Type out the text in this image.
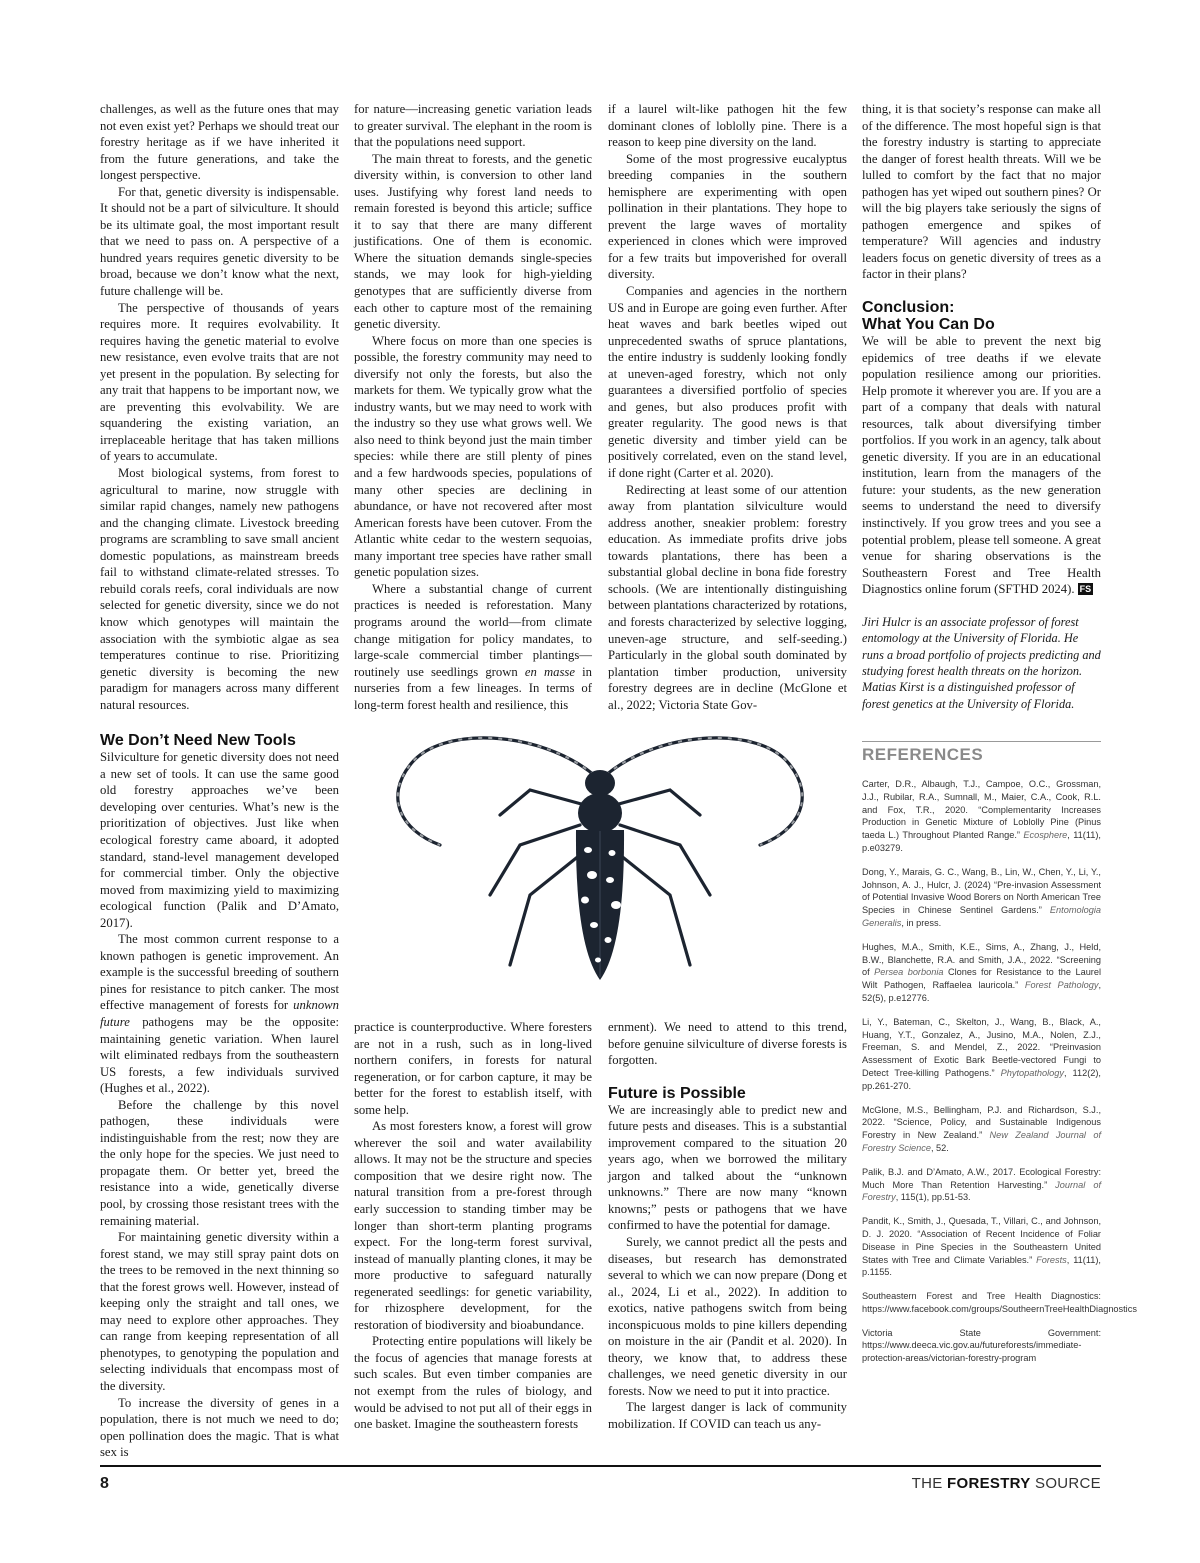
challenges, as well as the future ones that may not even exist yet? Perhaps we should treat our forestry heritage as if we have inherited it from the future generations, and take the longest perspective.

For that, genetic diversity is indispensable. It should not be a part of silviculture. It should be its ultimate goal, the most important result that we need to pass on. A perspective of a hundred years requires genetic diversity to be broad, because we don’t know what the next, future challenge will be.

The perspective of thousands of years requires more. It requires evolvability. It requires having the genetic material to evolve new resistance, even evolve traits that are not yet present in the population. By selecting for any trait that happens to be important now, we are preventing this evolvability. We are squandering the existing variation, an irreplaceable heritage that has taken millions of years to accumulate.

Most biological systems, from forest to agricultural to marine, now struggle with similar rapid changes, namely new pathogens and the changing climate. Livestock breeding programs are scrambling to save small ancient domestic populations, as mainstream breeds fail to withstand climate-related stresses. To rebuild corals reefs, coral individuals are now selected for genetic diversity, since we do not know which genotypes will maintain the association with the symbiotic algae as sea temperatures continue to rise. Prioritizing genetic diversity is becoming the new paradigm for managers across many different natural resources.

We Don’t Need New Tools

Silviculture for genetic diversity does not need a new set of tools. It can use the same good old forestry approaches we’ve been developing over centuries. What’s new is the prioritization of objectives. Just like when ecological forestry came aboard, it adopted standard, stand-level management developed for commercial timber. Only the objective moved from maximizing yield to maximizing ecological function (Palik and D’Amato, 2017).

The most common current response to a known pathogen is genetic improvement. An example is the successful breeding of southern pines for resistance to pitch canker. The most effective management of forests for unknown future pathogens may be the opposite: maintaining genetic variation. When laurel wilt eliminated redbays from the southeastern US forests, a few individuals survived (Hughes et al., 2022).

Before the challenge by this novel pathogen, these individuals were indistinguishable from the rest; now they are the only hope for the species. We just need to propagate them. Or better yet, breed the resistance into a wide, genetically diverse pool, by crossing those resistant trees with the remaining material.

For maintaining genetic diversity within a forest stand, we may still spray paint dots on the trees to be removed in the next thinning so that the forest grows well. However, instead of keeping only the straight and tall ones, we may need to explore other approaches. They can range from keeping representation of all phenotypes, to genotyping the population and selecting individuals that encompass most of the diversity.

To increase the diversity of genes in a population, there is not much we need to do; open pollination does the magic. That is what sex is

for nature—increasing genetic variation leads to greater survival. The elephant in the room is that the populations need support.

The main threat to forests, and the genetic diversity within, is conversion to other land uses. Justifying why forest land needs to remain forested is beyond this article; suffice it to say that there are many different justifications. One of them is economic. Where the situation demands single-species stands, we may look for high-yielding genotypes that are sufficiently diverse from each other to capture most of the remaining genetic diversity.

Where focus on more than one species is possible, the forestry community may need to diversify not only the forests, but also the markets for them. We typically grow what the industry wants, but we may need to work with the industry so they use what grows well. We also need to think beyond just the main timber species: while there are still plenty of pines and a few hardwoods species, populations of many other species are declining in abundance, or have not recovered after most American forests have been cutover. From the Atlantic white cedar to the western sequoias, many important tree species have rather small genetic population sizes.

Where a substantial change of current practices is needed is reforestation. Many programs around the world—from climate change mitigation for policy mandates, to large-scale commercial timber plantings—routinely use seedlings grown en masse in nurseries from a few lineages. In terms of long-term forest health and resilience, this

practice is counterproductive. Where foresters are not in a rush, such as in long-lived northern conifers, in forests for natural regeneration, or for carbon capture, it may be better for the forest to establish itself, with some help.

As most foresters know, a forest will grow wherever the soil and water availability allows. It may not be the structure and species composition that we desire right now. The natural transition from a pre-forest through early succession to standing timber may be longer than short-term planting programs expect. For the long-term forest survival, instead of manually planting clones, it may be more productive to safeguard naturally regenerated seedlings: for genetic variability, for rhizosphere development, for the restoration of biodiversity and bioabundance.

Protecting entire populations will likely be the focus of agencies that manage forests at such scales. But even timber companies are not exempt from the rules of biology, and would be advised to not put all of their eggs in one basket. Imagine the southeastern forests

if a laurel wilt-like pathogen hit the few dominant clones of loblolly pine. There is a reason to keep pine diversity on the land.

Some of the most progressive eucalyptus breeding companies in the southern hemisphere are experimenting with open pollination in their plantations. They hope to prevent the large waves of mortality experienced in clones which were improved for a few traits but impoverished for overall diversity.

Companies and agencies in the northern US and in Europe are going even further. After heat waves and bark beetles wiped out unprecedented swaths of spruce plantations, the entire industry is suddenly looking fondly at uneven-aged forestry, which not only guarantees a diversified portfolio of species and genes, but also produces profit with greater regularity. The good news is that genetic diversity and timber yield can be positively correlated, even on the stand level, if done right (Carter et al. 2020).

Redirecting at least some of our attention away from plantation silviculture would address another, sneakier problem: forestry education. As immediate profits drive jobs towards plantations, there has been a substantial global decline in bona fide forestry schools. (We are intentionally distinguishing between plantations characterized by rotations, and forests characterized by selective logging, uneven-age structure, and self-seeding.) Particularly in the global south dominated by plantation timber production, university forestry degrees are in decline (McGlone et al., 2022; Victoria State Gov-

ernment). We need to attend to this trend, before genuine silviculture of diverse forests is forgotten.

Future is Possible

We are increasingly able to predict new and future pests and diseases. This is a substantial improvement compared to the situation 20 years ago, when we borrowed the military jargon and talked about the “unknown unknowns.” There are now many “known knowns;” pests or pathogens that we have confirmed to have the potential for damage.

Surely, we cannot predict all the pests and diseases, but research has demonstrated several to which we can now prepare (Dong et al., 2024, Li et al., 2022). In addition to exotics, native pathogens switch from being inconspicuous molds to pine killers depending on moisture in the air (Pandit et al. 2020). In theory, we know that, to address these challenges, we need genetic diversity in our forests. Now we need to put it into practice.

The largest danger is lack of community mobilization. If COVID can teach us any-

thing, it is that society’s response can make all of the difference. The most hopeful sign is that the forestry industry is starting to appreciate the danger of forest health threats. Will we be lulled to comfort by the fact that no major pathogen has yet wiped out southern pines? Or will the big players take seriously the signs of pathogen emergence and spikes of temperature? Will agencies and industry leaders focus on genetic diversity of trees as a factor in their plans?

Conclusion:
What You Can Do

We will be able to prevent the next big epidemics of tree deaths if we elevate population resilience among our priorities. Help promote it wherever you are. If you are a part of a company that deals with natural resources, talk about diversifying timber portfolios. If you work in an agency, talk about genetic diversity. If you are in an educational institution, learn from the managers of the future: your students, as the new generation seems to understand the need to diversify instinctively. If you grow trees and you see a potential problem, please tell someone. A great venue for sharing observations is the Southeastern Forest and Tree Health Diagnostics online forum (SFTHD 2024). FS

Jiri Hulcr is an associate professor of forest entomology at the University of Florida. He runs a broad portfolio of projects predicting and studying forest health threats on the horizon. Matias Kirst is a distinguished professor of forest genetics at the University of Florida.

REFERENCES

Carter, D.R., Albaugh, T.J., Campoe, O.C., Grossman, J.J., Rubilar, R.A., Sumnall, M., Maier, C.A., Cook, R.L. and Fox, T.R., 2020. “Complementarity Increases Production in Genetic Mixture of Loblolly Pine (Pinus taeda L.) Throughout Planted Range.” Ecosphere, 11(11), p.e03279.

Dong, Y., Marais, G. C., Wang, B., Lin, W., Chen, Y., Li, Y., Johnson, A. J., Hulcr, J. (2024) “Pre-invasion Assessment of Potential Invasive Wood Borers on North American Tree Species in Chinese Sentinel Gardens.” Entomologia Generalis, in press.

Hughes, M.A., Smith, K.E., Sims, A., Zhang, J., Held, B.W., Blanchette, R.A. and Smith, J.A., 2022. “Screening of Persea borbonia Clones for Resistance to the Laurel Wilt Pathogen, Raffaelea lauricola.” Forest Pathology, 52(5), p.e12776.

Li, Y., Bateman, C., Skelton, J., Wang, B., Black, A., Huang, Y.T., Gonzalez, A., Jusino, M.A., Nolen, Z.J., Freeman, S. and Mendel, Z., 2022. “Preinvasion Assessment of Exotic Bark Beetle-vectored Fungi to Detect Tree-killing Pathogens.” Phytopathology, 112(2), pp.261-270.

McGlone, M.S., Bellingham, P.J. and Richardson, S.J., 2022. “Science, Policy, and Sustainable Indigenous Forestry in New Zealand.” New Zealand Journal of Forestry Science, 52.

Palik, B.J. and D’Amato, A.W., 2017. Ecological Forestry: Much More Than Retention Harvesting.” Journal of Forestry, 115(1), pp.51-53.

Pandit, K., Smith, J., Quesada, T., Villari, C., and Johnson, D. J. 2020. “Association of Recent Incidence of Foliar Disease in Pine Species in the Southeastern United States with Tree and Climate Variables.” Forests, 11(11), p.1155.

Southeastern Forest and Tree Health Diagnostics: https://www.facebook.com/groups/SoutheernTreeHealthDiagnostics

Victoria State Government: https://www.deeca.vic.gov.au/futureforests/immediate-protection-areas/victorian-forestry-program

8	THE FORESTRY SOURCE
